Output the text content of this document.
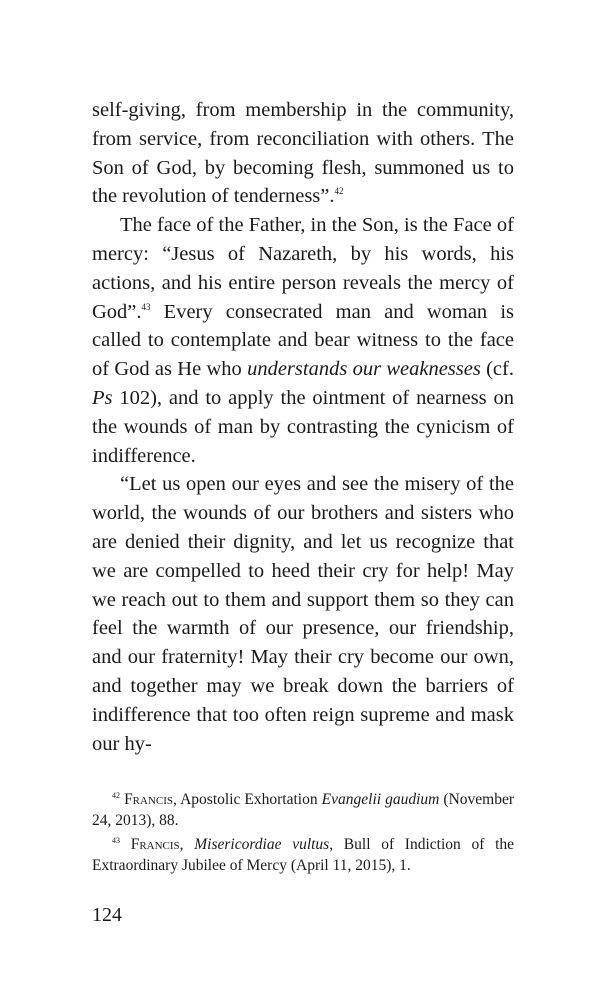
self-giving, from membership in the community, from service, from reconciliation with others. The Son of God, by becoming flesh, summoned us to the revolution of tenderness”.$^{42}$

The face of the Father, in the Son, is the Face of mercy: “Jesus of Nazareth, by his words, his actions, and his entire person reveals the mercy of God”.$^{43}$ Every consecrated man and woman is called to contemplate and bear witness to the face of God as He who understands our weaknesses (cf. Ps 102), and to apply the ointment of nearness on the wounds of man by contrasting the cynicism of indifference.

“Let us open our eyes and see the misery of the world, the wounds of our brothers and sisters who are denied their dignity, and let us recognize that we are compelled to heed their cry for help! May we reach out to them and support them so they can feel the warmth of our presence, our friendship, and our fraternity! May their cry become our own, and together may we break down the barriers of indifference that too often reign supreme and mask our hy-

$^{42}$ Francis, Apostolic Exhortation Evangelii gaudium (November 24, 2013), 88.

$^{43}$ Francis, Misericordiae vultus, Bull of Indiction of the Extraordinary Jubilee of Mercy (April 11, 2015), 1.

124
